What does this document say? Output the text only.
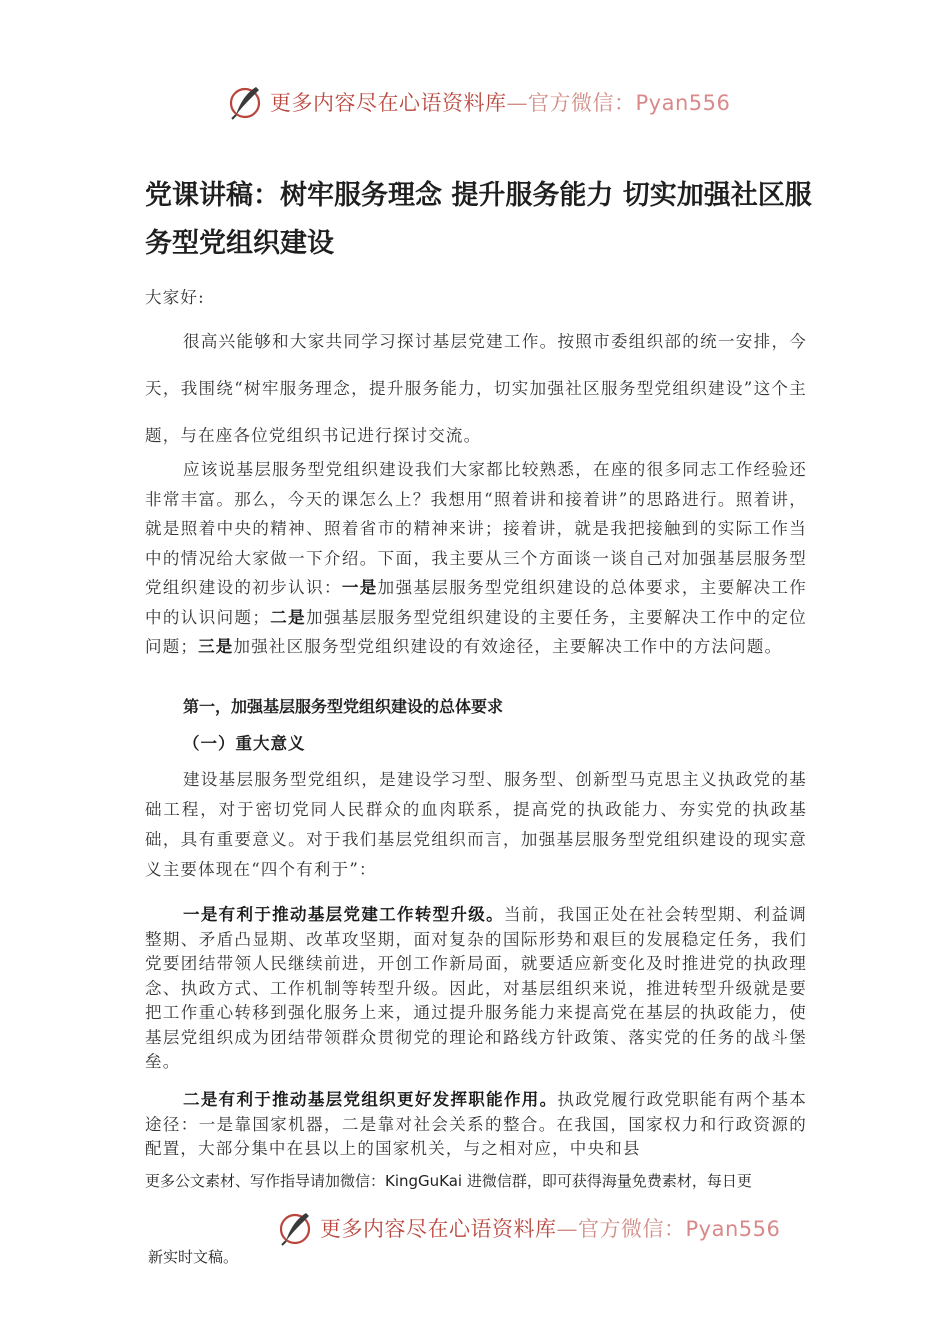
更多内容尽在心语资料库—官方微信：Pyan556
党课讲稿：树牢服务理念 提升服务能力 切实加强社区服务型党组织建设

大家好:

很高兴能够和大家共同学习探讨基层党建工作。按照市委组织部的统一安排，今天，我围绕“树牢服务理念，提升服务能力，切实加强社区服务型党组织建设”这个主题，与在座各位党组织书记进行探讨交流。

应该说基层服务型党组织建设我们大家都比较熟悉，在座的很多同志工作经验还非常丰富。那么，今天的课怎么上？我想用“照着讲和接着讲”的思路进行。照着讲，就是照着中央的精神、照着省市的精神来讲；接着讲，就是我把接触到的实际工作当中的情况给大家做一下介绍。下面，我主要从三个方面谈一谈自己对加强基层服务型党组织建设的初步认识：一是加强基层服务型党组织建设的总体要求，主要解决工作中的认识问题；二是加强基层服务型党组织建设的主要任务，主要解决工作中的定位问题；三是加强社区服务型党组织建设的有效途径，主要解决工作中的方法问题。

第一，加强基层服务型党组织建设的总体要求
（一）重大意义

建设基层服务型党组织，是建设学习型、服务型、创新型马克思主义执政党的基础工程，对于密切党同人民群众的血肉联系，提高党的执政能力、夯实党的执政基础，具有重要意义。对于我们基层党组织而言，加强基层服务型党组织建设的现实意义主要体现在“四个有利于”：

一是有利于推动基层党建工作转型升级。当前，我国正处在社会转型期、利益调整期、矛盾凸显期、改革攻坚期，面对复杂的国际形势和艰巨的发展稳定任务，我们党要团结带领人民继续前进，开创工作新局面，就要适应新变化及时推进党的执政理念、执政方式、工作机制等转型升级。因此，对基层组织来说，推进转型升级就是要把工作重心转移到强化服务上来，通过提升服务能力来提高党在基层的执政能力，使基层党组织成为团结带领群众贯彻党的理论和路线方针政策、落实党的任务的战斗堡垒。

二是有利于推动基层党组织更好发挥职能作用。执政党履行政党职能有两个基本途径：一是靠国家机器，二是靠对社会关系的整合。在我国，国家权力和行政资源的配置，大部分集中在县以上的国家机关，与之相对应，中央和县

更多公文素材、写作指导请加微信：KingGuKai 进微信群，即可获得海量免费素材，每日更

更多内容尽在心语资料库—官方微信：Pyan556

新实时文稿。
